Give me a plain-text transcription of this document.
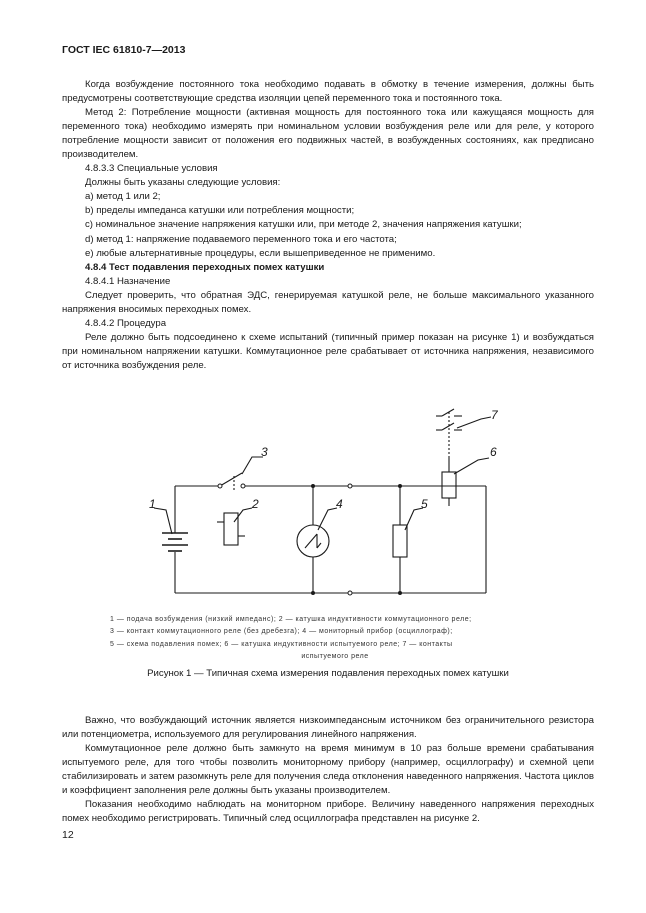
ГОСТ IEC 61810-7—2013

Когда возбуждение постоянного тока необходимо подавать в обмотку в течение измерения, должны быть предусмотрены соответствующие средства изоляции цепей переменного тока и постоянного тока.

Метод 2: Потребление мощности (активная мощность для постоянного тока или кажущаяся мощность для переменного тока) необходимо измерять при номинальном условии возбуждения реле или для реле, у которого потребление мощности зависит от положения его подвижных частей, в возбужденных состояниях, как предписано производителем.

4.8.3.3 Специальные условия

Должны быть указаны следующие условия:

a) метод 1 или 2;

b) пределы импеданса катушки или потребления мощности;

c) номинальное значение напряжения катушки или, при методе 2, значения напряжения катушки;

d) метод 1: напряжение подаваемого переменного тока и его частота;

e) любые альтернативные процедуры, если вышеприведенное не применимо.

4.8.4 Тест подавления переходных помех катушки

4.8.4.1 Назначение

Следует проверить, что обратная ЭДС, генерируемая катушкой реле, не больше максимального указанного напряжения вносимых переходных помех.

4.8.4.2 Процедура

Реле должно быть подсоединено к схеме испытаний (типичный пример показан на рисунке 1) и возбуждаться при номинальном напряжении катушки. Коммутационное реле срабатывает от источника напряжения, независимого от источника возбуждения реле.

1	2
3
4	5
6
7

1 — подача возбуждения (низкий импеданс); 2 — катушка индуктивности коммутационного реле;

3 — контакт коммутационного реле (без дребезга); 4 — мониторный прибор (осциллограф);

5 — схема подавления помех; 6 — катушка индуктивности испытуемого реле; 7 — контакты

испытуемого реле

Рисунок 1 — Типичная схема измерения подавления переходных помех катушки

Важно, что возбуждающий источник является низкоимпедансным источником без ограничительного резистора или потенциометра, используемого для регулирования линейного напряжения.

Коммутационное реле должно быть замкнуто на время минимум в 10 раз больше времени срабатывания испытуемого реле, для того чтобы позволить мониторному прибору (например, осциллографу) и схемной цепи стабилизировать и затем разомкнуть реле для получения следа отклонения наведенного напряжения. Частота циклов и коэффициент заполнения реле должны быть указаны производителем.

Показания необходимо наблюдать на мониторном приборе. Величину наведенного напряжения переходных помех необходимо регистрировать. Типичный след осциллографа представлен на рисунке 2.

12
